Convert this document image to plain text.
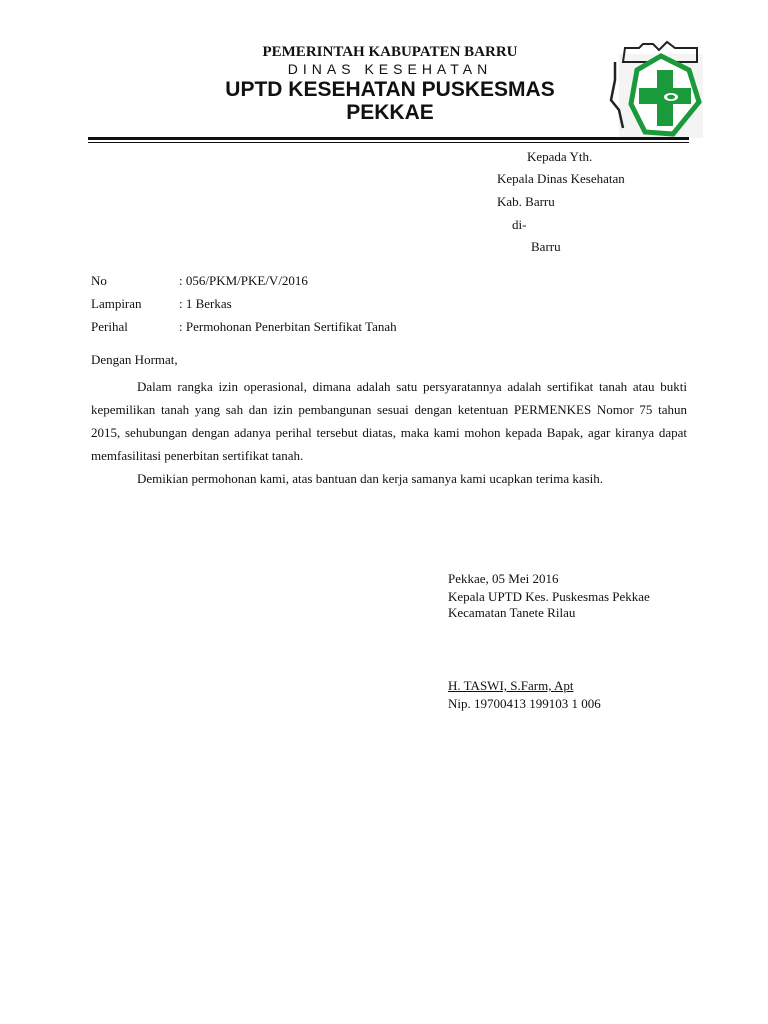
PEMERINTAH KABUPATEN BARRU
DINAS KESEHATAN
UPTD KESEHATAN PUSKESMAS
PEKKAE
Kepada Yth.
Kepala Dinas Kesehatan
Kab. Barru
di-
Barru
No	: 056/PKM/PKE/V/2016
Lampiran	: 1 Berkas
Perihal	: Permohonan Penerbitan Sertifikat Tanah
Dengan Hormat,

Dalam rangka izin operasional, dimana adalah satu persyaratannya adalah sertifikat tanah atau bukti kepemilikan tanah yang sah dan izin pembangunan sesuai dengan ketentuan PERMENKES Nomor 75 tahun 2015, sehubungan dengan adanya perihal tersebut diatas, maka kami mohon kepada Bapak, agar kiranya dapat memfasilitasi penerbitan sertifikat tanah.

Demikian permohonan kami, atas bantuan dan kerja samanya kami ucapkan terima kasih.

Pekkae, 05 Mei 2016
Kepala UPTD Kes. Puskesmas Pekkae
Kecamatan Tanete Rilau
H. TASWI, S.Farm, Apt
Nip. 19700413 199103 1 006
